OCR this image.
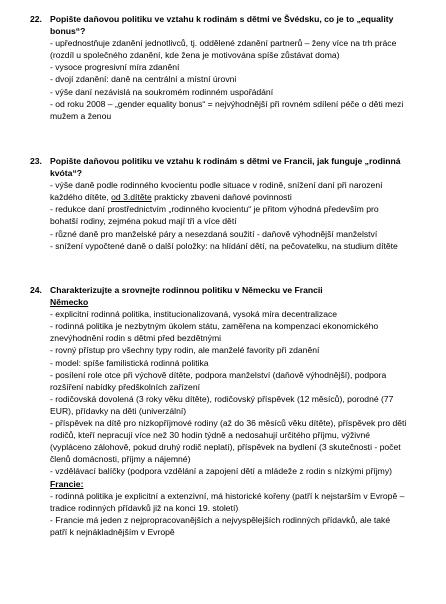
22. Popište daňovou politiku ve vztahu k rodinám s dětmi ve Švédsku, co je to „equality
bonus“?
- upřednostňuje zdanění jednotlivců, tj. oddělené zdanění partnerů – ženy více na trh práce
(rozdíl u společného zdanění, kde žena je motivována spíše zůstávat doma)
- vysoce progresivní míra zdanění
- dvojí zdanění: daně na centrální a místní úrovni
- výše daní nezávislá na soukromém rodinném uspořádání
- od roku 2008 – „gender equality bonus“ = nejvýhodnější při rovném sdílení péče o děti mezi
mužem a ženou
23. Popište daňovou politiku ve vztahu k rodinám s dětmi ve Francii, jak funguje „rodinná
kvóta“?
- výše daně podle rodinného kvocientu podle situace v rodině, snížení daní při narození
každého dítěte, od 3.dítěte prakticky zbaveni daňové povinnosti
- redukce daní prostřednictvím „rodinného kvocientu“ je přitom výhodná především pro
bohatší rodiny, zejména pokud mají tři a více dětí
- různé daně pro manželské páry a nesezdaná soužití - daňově výhodnější manželství
- snížení vypočtené daně o další položky: na hlídání dětí, na pečovatelku, na studium dítěte
24. Charakterizujte a srovnejte rodinnou politiku v Německu ve Francii
Německo
- explicitní rodinná politika, institucionalizovaná, vysoká míra decentralizace
- rodinná politika je nezbytným úkolem státu, zaměřena na kompenzaci ekonomického
znevýhodnění rodin s dětmi před bezdětnými
- rovný přístup pro všechny typy rodin, ale manželé favority při zdanění
- model: spíše familistická rodinná politika
- posílení role otce při výchově dítěte, podpora manželství (daňově výhodnější), podpora
rozšíření nabídky předškolních zařízení
- rodičovská dovolená (3 roky věku dítěte), rodičovský příspěvek (12 měsíců), porodné (77
EUR), přídavky na děti (univerzální)
- příspěvek na dítě pro nízkopříjmové rodiny (až do 36 měsíců věku dítěte), příspěvek pro děti
rodičů, kteří nepracují více než 30 hodin týdně a nedosahují určitého příjmu, výživné
(vypláceno zálohově, pokud druhý rodič neplatí), příspěvek na bydlení (3 skutečnosti - počet
členů domácnosti, příjmy a nájemné)
- vzdělávací balíčky (podpora vzdělání a zapojení dětí a mládeže z rodin s nízkými příjmy)
Francie:
- rodinná politika je explicitní a extenzivní, má historické kořeny (patří k nejstarším v Evropě –
tradice rodinných přídavků již na konci 19. století)
- Francie má jeden z nejpropracovanějších a nejvyspělejších rodinných přídavků, ale také
patří k nejnákladnějším v Evropě
